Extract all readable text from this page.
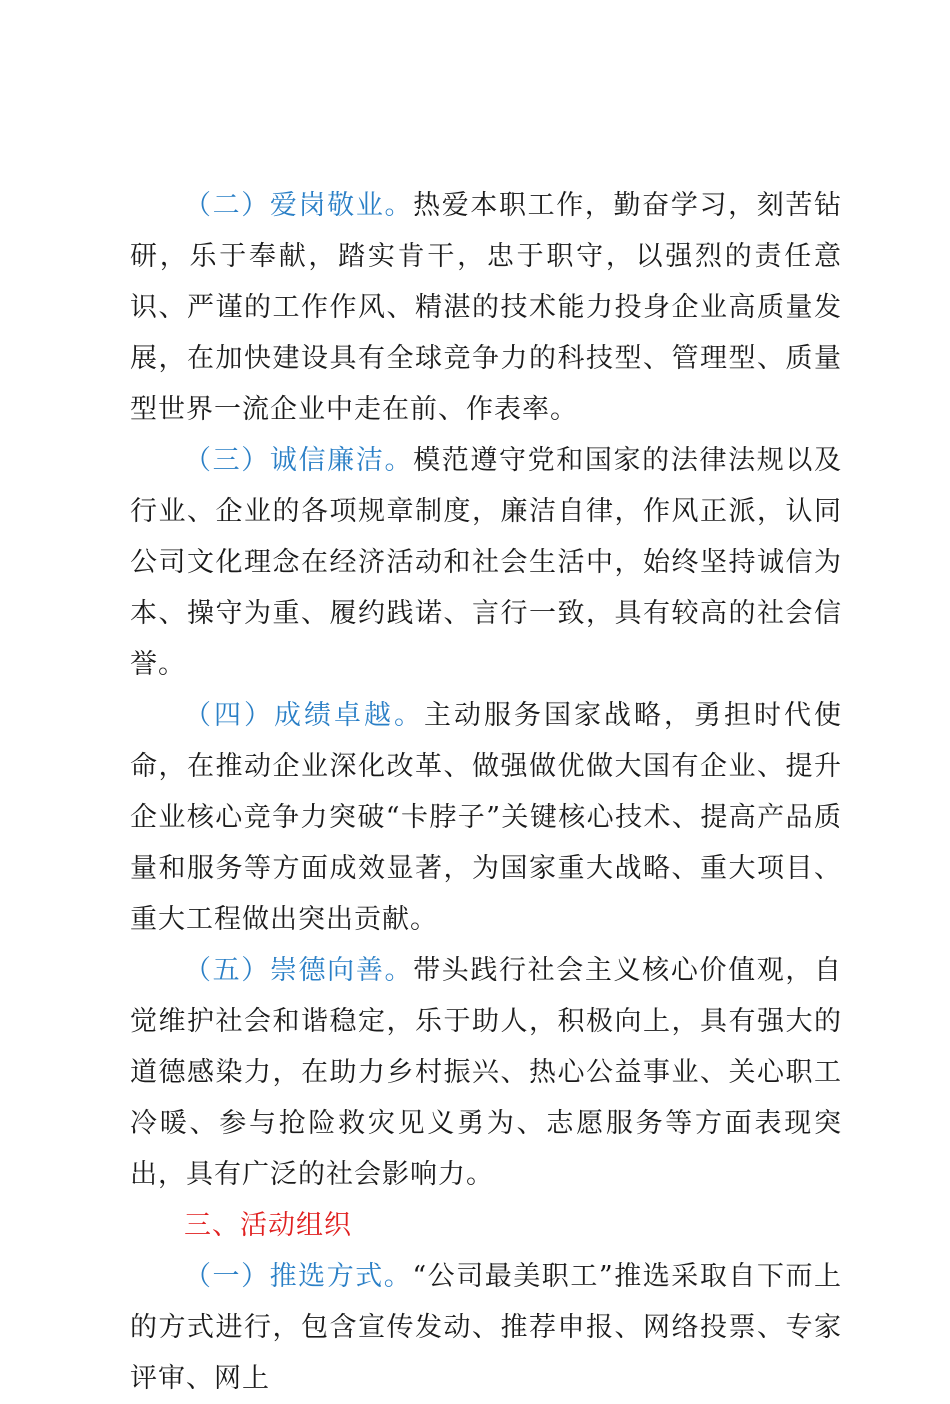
（二）爱岗敬业。热爱本职工作，勤奋学习，刻苦钻研，乐于奉献，踏实肯干，忠于职守，以强烈的责任意识、严谨的工作作风、精湛的技术能力投身企业高质量发展，在加快建设具有全球竞争力的科技型、管理型、质量型世界一流企业中走在前、作表率。

（三）诚信廉洁。模范遵守党和国家的法律法规以及行业、企业的各项规章制度，廉洁自律，作风正派，认同公司文化理念在经济活动和社会生活中，始终坚持诚信为本、操守为重、履约践诺、言行一致，具有较高的社会信誉。

（四）成绩卓越。主动服务国家战略，勇担时代使命，在推动企业深化改革、做强做优做大国有企业、提升企业核心竞争力突破“卡脖子”关键核心技术、提高产品质量和服务等方面成效显著，为国家重大战略、重大项目、重大工程做出突出贡献。

（五）崇德向善。带头践行社会主义核心价值观，自觉维护社会和谐稳定，乐于助人，积极向上，具有强大的道德感染力，在助力乡村振兴、热心公益事业、关心职工冷暖、参与抢险救灾见义勇为、志愿服务等方面表现突出，具有广泛的社会影响力。

三、活动组织

（一）推选方式。“公司最美职工”推选采取自下而上的方式进行，包含宣传发动、推荐申报、网络投票、专家评审、网上
